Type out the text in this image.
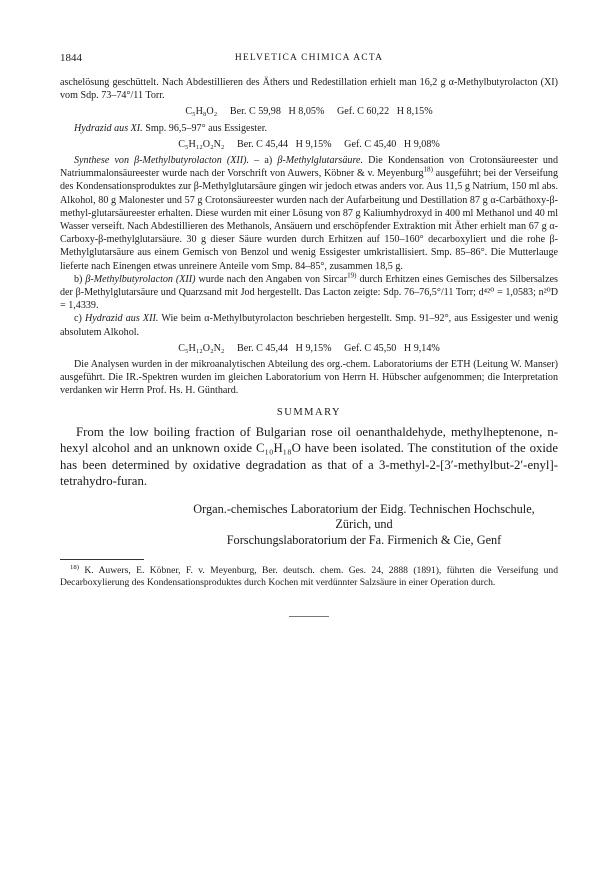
1844	HELVETICA CHIMICA ACTA

aschelösung geschüttelt. Nach Abdestillieren des Äthers und Redestillation erhielt man 16,2 g α-Methylbutyrolacton (XI) vom Sdp. 73–74°/11 Torr.

C₅H₈O₂ Ber. C 59,98   H 8,05% Gef. C 60,22   H 8,15%
Hydrazid aus XI. Smp. 96,5–97° aus Essigester.
C₅H₁₂O₂N₂ Ber. C 45,44   H 9,15% Gef. C 45,40   H 9,08%

Synthese von β-Methylbutyrolacton (XII). – a) β-Methylglutarsäure. Die Kondensation von Crotonsäureester und Natriummalonsäureester wurde nach der Vorschrift von Auwers, Köbner & v. Meyenburg$^{18)}$ ausgeführt; bei der Verseifung des Kondensationsproduktes zur β-Methylglutarsäure gingen wir jedoch etwas anders vor. Aus 11,5 g Natrium, 150 ml abs. Alkohol, 80 g Malonester und 57 g Crotonsäureester wurden nach der Aufarbeitung und Destillation 87 g α-Carbäthoxy-β-methyl-glutarsäureester erhalten. Diese wurden mit einer Lösung von 87 g Kaliumhydroxyd in 400 ml Methanol und 40 ml Wasser verseift. Nach Abdestillieren des Methanols, Ansäuern und erschöpfender Extraktion mit Äther erhielt man 67 g α-Carboxy-β-methylglutarsäure. 30 g dieser Säure wurden durch Erhitzen auf 150–160° decarboxyliert und die rohe β-Methylglutarsäure aus einem Gemisch von Benzol und wenig Essigester umkristallisiert. Smp. 85–86°. Die Mutterlauge lieferte nach Einengen etwas unreinere Anteile vom Smp. 84–85°, zusammen 18,5 g.

b) β-Methylbutyrolacton (XII) wurde nach den Angaben von Sircar$^{19)}$ durch Erhitzen eines Gemisches des Silbersalzes der β-Methylglutarsäure und Quarzsand mit Jod hergestellt. Das Lacton zeigte: Sdp. 76–76,5°/11 Torr; d⁴²⁰ = 1,0583; n²⁰D = 1,4339.

c) Hydrazid aus XII. Wie beim α-Methylbutyrolacton beschrieben hergestellt. Smp. 91–92°, aus Essigester und wenig absolutem Alkohol.

C₅H₁₂O₂N₂ Ber. C 45,44   H 9,15% Gef. C 45,50   H 9,14%

Die Analysen wurden in der mikroanalytischen Abteilung des org.-chem. Laboratoriums der ETH (Leitung W. Manser) ausgeführt. Die IR.-Spektren wurden im gleichen Laboratorium von Herrn H. Hübscher aufgenommen; die Interpretation verdanken wir Herrn Prof. Hs. H. Günthard.

SUMMARY

From the low boiling fraction of Bulgarian rose oil oenanthaldehyde, methylheptenone, n-hexyl alcohol and an unknown oxide C₁₀H₁₈O have been isolated. The constitution of the oxide has been determined by oxidative degradation as that of a 3-methyl-2-[3′-methylbut-2′-enyl]-tetrahydro-furan.

Organ.-chemisches Laboratorium der Eidg. Technischen Hochschule,
Zürich, und
Forschungslaboratorium der Fa. Firmenich & Cie, Genf

$^{18)}$ K. Auwers, E. Köbner, F. v. Meyenburg, Ber. deutsch. chem. Ges. 24, 2888 (1891), führten die Verseifung und Decarboxylierung des Kondensationsproduktes durch Kochen mit verdünnter Salzsäure in einer Operation durch.
